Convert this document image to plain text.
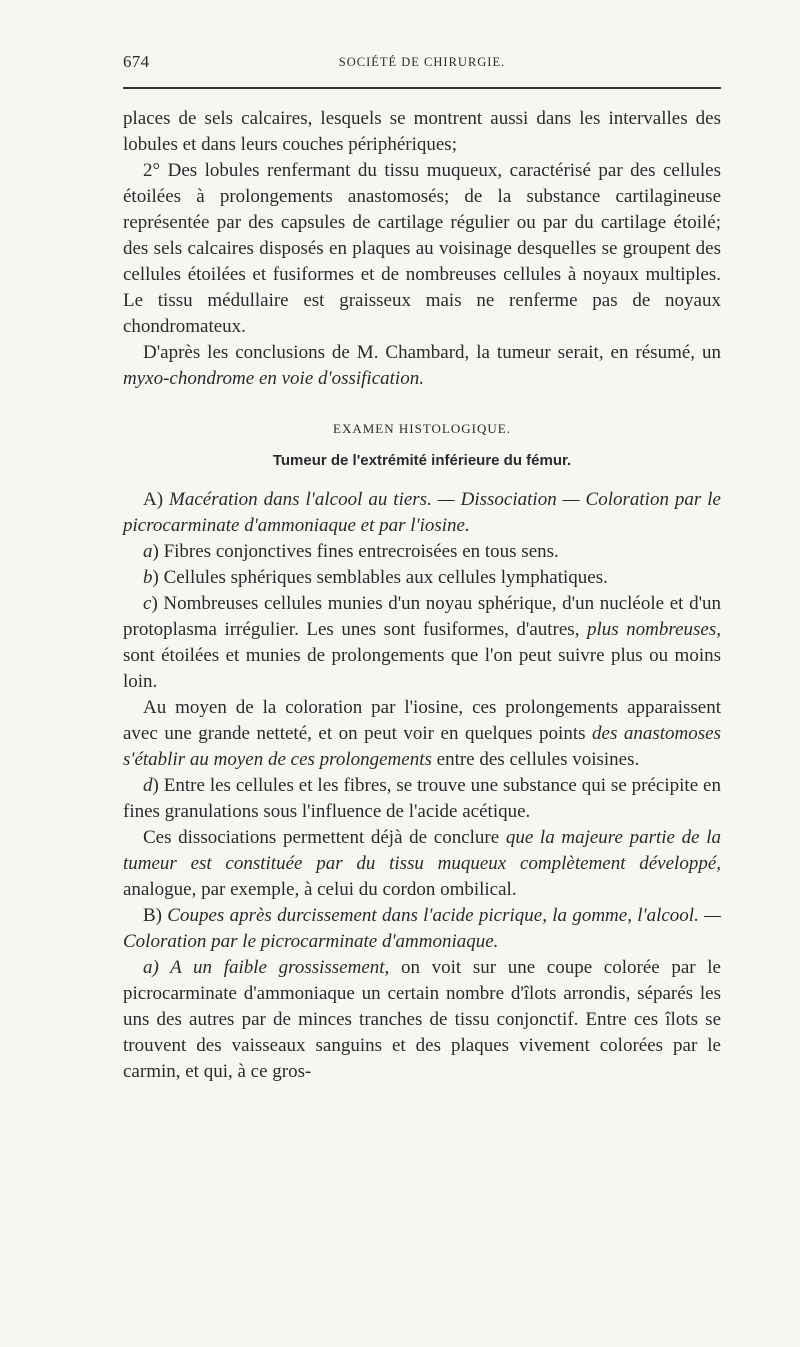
674	SOCIÉTÉ DE CHIRURGIE.

places de sels calcaires, lesquels se montrent aussi dans les intervalles des lobules et dans leurs couches périphériques;

2° Des lobules renfermant du tissu muqueux, caractérisé par des cellules étoilées à prolongements anastomosés; de la substance cartilagineuse représentée par des capsules de cartilage régulier ou par du cartilage étoilé; des sels calcaires disposés en plaques au voisinage desquelles se groupent des cellules étoilées et fusiformes et de nombreuses cellules à noyaux multiples. Le tissu médullaire est graisseux mais ne renferme pas de noyaux chondromateux.

D'après les conclusions de M. Chambard, la tumeur serait, en résumé, un myxo-chondrome en voie d'ossification.

EXAMEN HISTOLOGIQUE.
Tumeur de l'extrémité inférieure du fémur.

A) Macération dans l'alcool au tiers. — Dissociation — Coloration par le picrocarminate d'ammoniaque et par l'iosine.

a) Fibres conjonctives fines entrecroisées en tous sens.

b) Cellules sphériques semblables aux cellules lymphatiques.

c) Nombreuses cellules munies d'un noyau sphérique, d'un nucléole et d'un protoplasma irrégulier. Les unes sont fusiformes, d'autres, plus nombreuses, sont étoilées et munies de prolongements que l'on peut suivre plus ou moins loin.

Au moyen de la coloration par l'iosine, ces prolongements apparaissent avec une grande netteté, et on peut voir en quelques points des anastomoses s'établir au moyen de ces prolongements entre des cellules voisines.

d) Entre les cellules et les fibres, se trouve une substance qui se précipite en fines granulations sous l'influence de l'acide acétique.

Ces dissociations permettent déjà de conclure que la majeure partie de la tumeur est constituée par du tissu muqueux complètement développé, analogue, par exemple, à celui du cordon ombilical.

B) Coupes après durcissement dans l'acide picrique, la gomme, l'alcool. — Coloration par le picrocarminate d'ammoniaque.

a) A un faible grossissement, on voit sur une coupe colorée par le picrocarminate d'ammoniaque un certain nombre d'îlots arrondis, séparés les uns des autres par de minces tranches de tissu conjonctif. Entre ces îlots se trouvent des vaisseaux sanguins et des plaques vivement colorées par le carmin, et qui, à ce gros-
